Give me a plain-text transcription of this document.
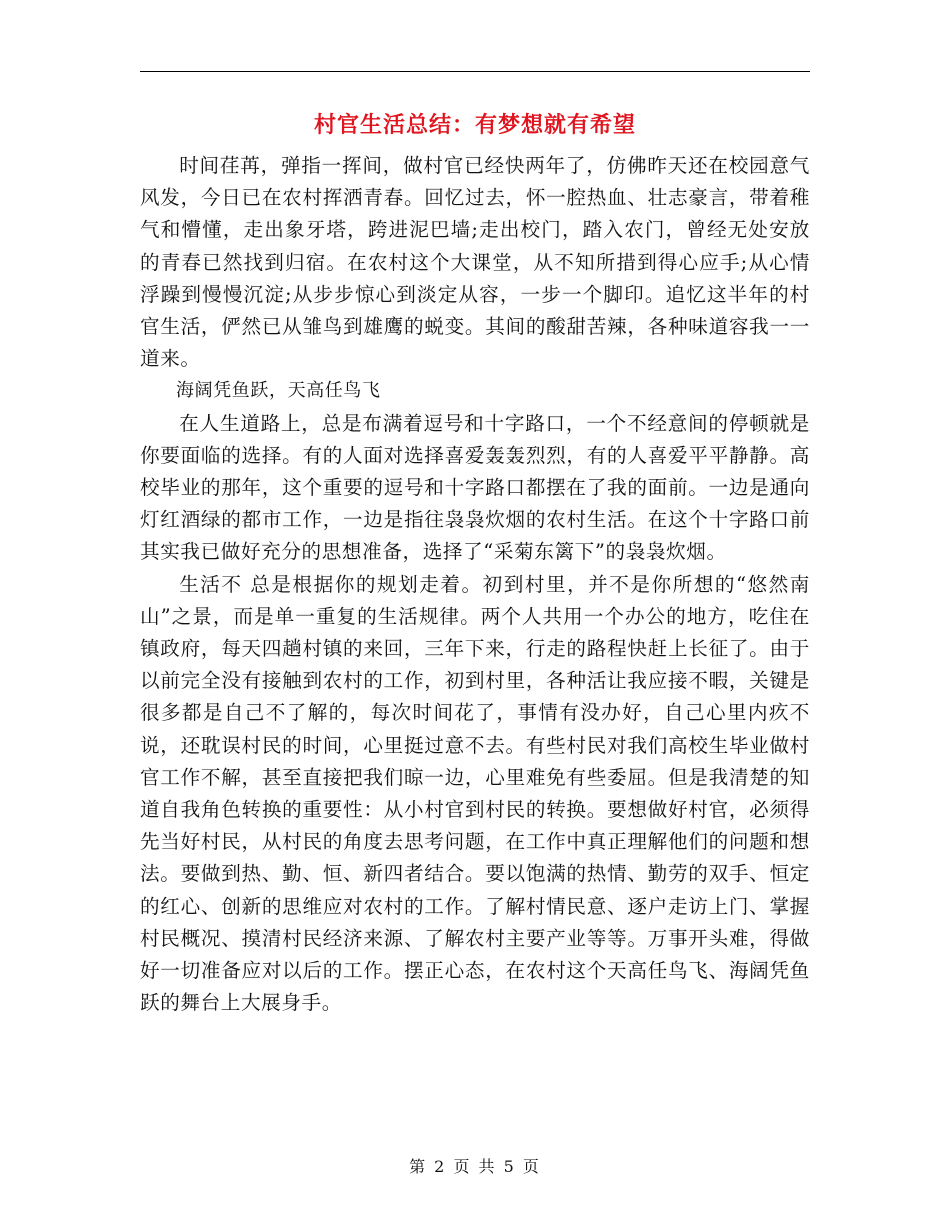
村官生活总结：有梦想就有希望

时间荏苒，弹指一挥间，做村官已经快两年了，仿佛昨天还在校园意气风发，今日已在农村挥洒青春。回忆过去，怀一腔热血、壮志豪言，带着稚气和懵懂，走出象牙塔，跨进泥巴墙;走出校门，踏入农门，曾经无处安放的青春已然找到归宿。在农村这个大课堂，从不知所措到得心应手;从心情浮躁到慢慢沉淀;从步步惊心到淡定从容，一步一个脚印。追忆这半年的村官生活，俨然已从雏鸟到雄鹰的蜕变。其间的酸甜苦辣，各种味道容我一一道来。

海阔凭鱼跃，天高任鸟飞

在人生道路上，总是布满着逗号和十字路口，一个不经意间的停顿就是你要面临的选择。有的人面对选择喜爱轰轰烈烈，有的人喜爱平平静静。高校毕业的那年，这个重要的逗号和十字路口都摆在了我的面前。一边是通向灯红酒绿的都市工作，一边是指往袅袅炊烟的农村生活。在这个十字路口前其实我已做好充分的思想准备，选择了“采菊东篱下”的袅袅炊烟。

生活不 总是根据你的规划走着。初到村里，并不是你所想的“悠然南山”之景，而是单一重复的生活规律。两个人共用一个办公的地方，吃住在镇政府，每天四趟村镇的来回，三年下来，行走的路程快赶上长征了。由于以前完全没有接触到农村的工作，初到村里，各种活让我应接不暇，关键是很多都是自己不了解的，每次时间花了，事情有没办好，自己心里内疚不说，还耽误村民的时间，心里挺过意不去。有些村民对我们高校生毕业做村官工作不解，甚至直接把我们晾一边，心里难免有些委屈。但是我清楚的知道自我角色转换的重要性：从小村官到村民的转换。要想做好村官，必须得先当好村民，从村民的角度去思考问题，在工作中真正理解他们的问题和想法。要做到热、勤、恒、新四者结合。要以饱满的热情、勤劳的双手、恒定的红心、创新的思维应对农村的工作。了解村情民意、逐户走访上门、掌握村民概况、摸清村民经济来源、了解农村主要产业等等。万事开头难，得做好一切准备应对以后的工作。摆正心态，在农村这个天高任鸟飞、海阔凭鱼跃的舞台上大展身手。

第 2 页 共 5 页
